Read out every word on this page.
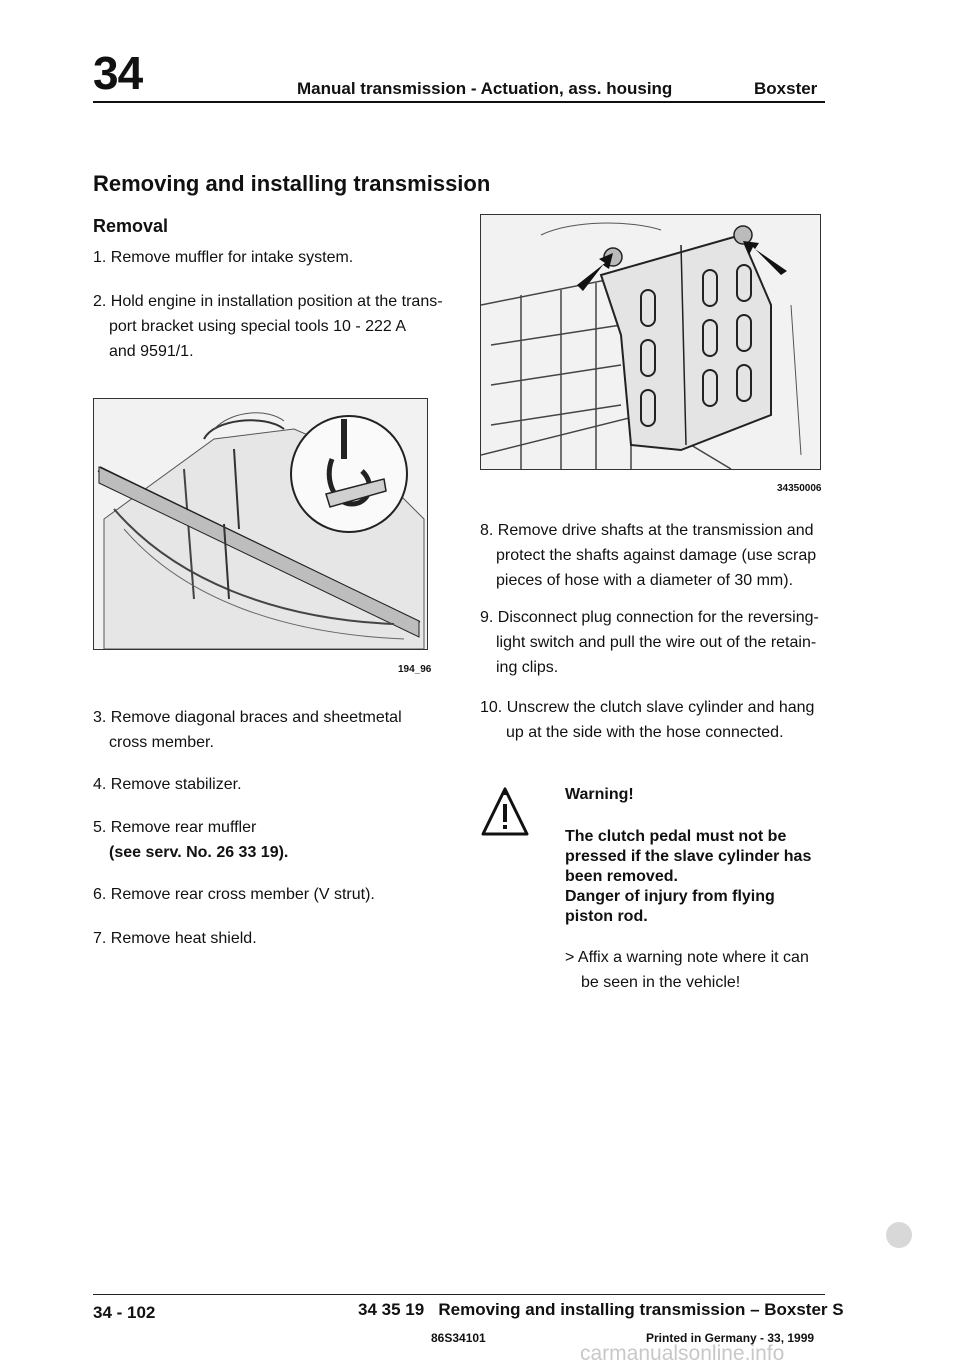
34	Manual transmission - Actuation, ass. housing	Boxster
Removing and installing transmission
Removal
1. Remove muffler for intake system.
2. Hold engine in installation position at the trans-
port bracket using special tools 10 - 222 A
and 9591/1.
194_96
3. Remove diagonal braces and sheetmetal
cross member.
4. Remove stabilizer.
5. Remove rear muffler
(see serv. No. 26 33 19).
6. Remove rear cross member (V strut).
7. Remove heat shield.
34350006
8. Remove drive shafts at the transmission and
protect the shafts against damage (use scrap
pieces of hose with a diameter of 30 mm).
9. Disconnect plug connection for the reversing-
light switch and pull the wire out of the retain-
ing clips.
10. Unscrew the clutch slave cylinder and hang
up at the side with the hose connected.
Warning!
The clutch pedal must not be
pressed if the slave cylinder has
been removed.
Danger of injury from flying
piston rod.
> Affix a warning note where it can
be seen in the vehicle!
34 - 102	34 35 19   Removing and installing transmission – Boxster S
86S34101	Printed in Germany - 33, 1999
carmanualsonline.info
